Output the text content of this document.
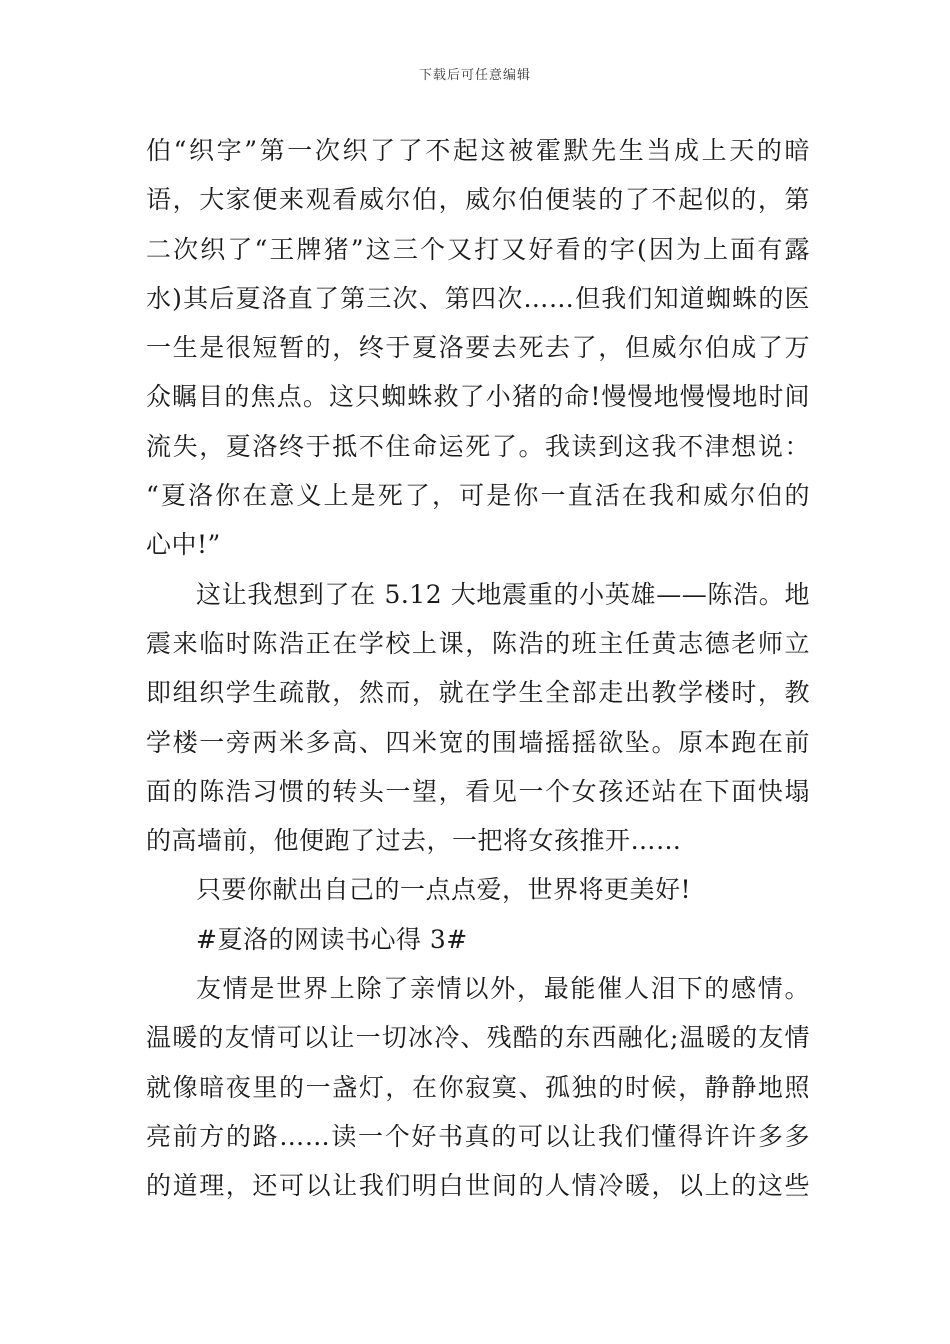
下载后可任意编辑
伯“织字”第一次织了了不起这被霍默先生当成上天的暗
语，大家便来观看威尔伯，威尔伯便装的了不起似的，第
二次织了“王牌猪”这三个又打又好看的字(因为上面有露
水)其后夏洛直了第三次、第四次……但我们知道蜘蛛的医
一生是很短暂的，终于夏洛要去死去了，但威尔伯成了万
众瞩目的焦点。这只蜘蛛救了小猪的命!慢慢地慢慢地时间
流失，夏洛终于抵不住命运死了。我读到这我不津想说：
“夏洛你在意义上是死了，可是你一直活在我和威尔伯的
心中!”
这让我想到了在 5.12 大地震重的小英雄——陈浩。地
震来临时陈浩正在学校上课，陈浩的班主任黄志德老师立
即组织学生疏散，然而，就在学生全部走出教学楼时，教
学楼一旁两米多高、四米宽的围墙摇摇欲坠。原本跑在前
面的陈浩习惯的转头一望，看见一个女孩还站在下面快塌
的高墙前，他便跑了过去，一把将女孩推开……
只要你献出自己的一点点爱，世界将更美好!
#夏洛的网读书心得 3#
友情是世界上除了亲情以外，最能催人泪下的感情。
温暖的友情可以让一切冰冷、残酷的东西融化;温暖的友情
就像暗夜里的一盏灯，在你寂寞、孤独的时候，静静地照
亮前方的路……读一个好书真的可以让我们懂得许许多多
的道理，还可以让我们明白世间的人情冷暖，以上的这些
